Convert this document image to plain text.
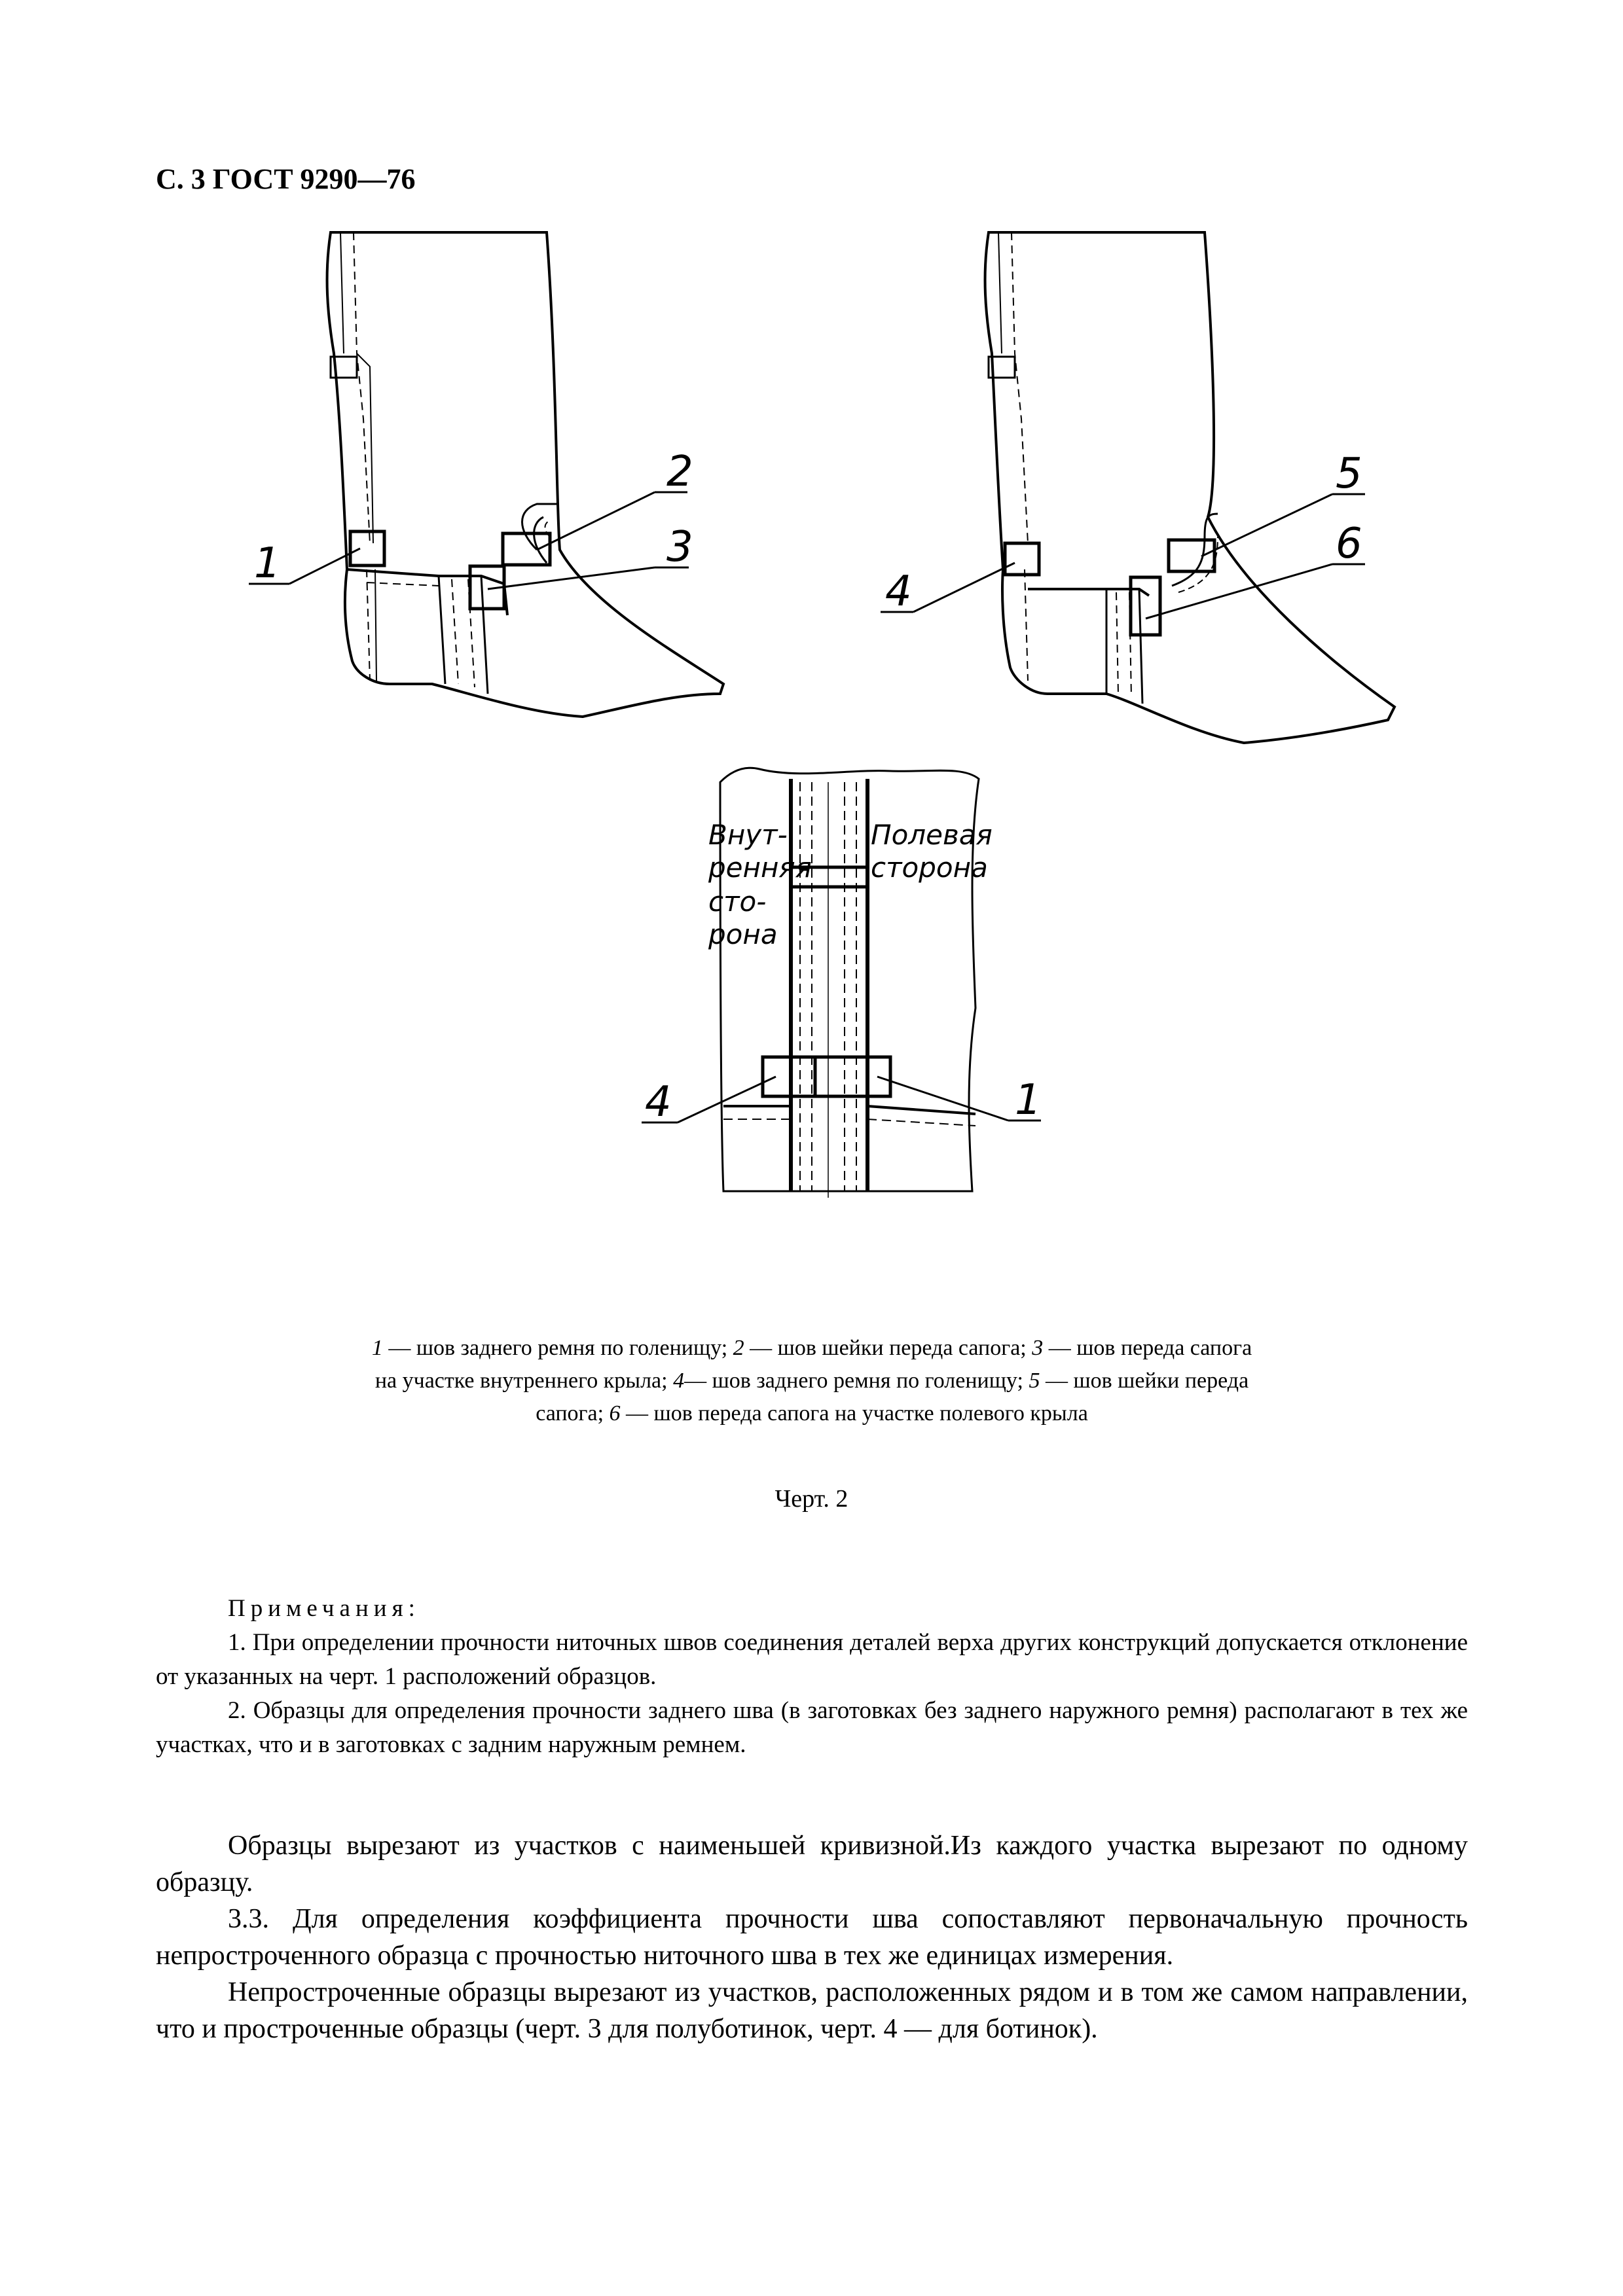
С. 3 ГОСТ 9290—76
1
2
3
4
5
6
4	1
Внут-
ренняя
сто-
рона
Полевая
сторона
1 — шов заднего ремня по голенищу; 2 — шов шейки переда сапога; 3 — шов переда сапога на участке внутреннего крыла; 4— шов заднего ремня по голенищу; 5 — шов шейки переда сапога; 6 — шов переда сапога на участке полевого крыла
Черт. 2

Примечания:

1. При определении прочности ниточных швов соединения деталей верха других конструкций допускается отклонение от указанных на черт. 1 расположений образцов.

2. Образцы для определения прочности заднего шва (в заготовках без заднего наружного ремня) располагают в тех же участках, что и в заготовках с задним наружным ремнем.

Образцы вырезают из участков с наименьшей кривизной.Из каждого участка вырезают по одному образцу.

3.3. Для определения коэффициента прочности шва сопоставляют первоначальную прочность непростроченного образца с прочностью ниточного шва в тех же единицах измерения.

Непростроченные образцы вырезают из участков, расположенных рядом и в том же самом направлении, что и простроченные образцы (черт. 3 для полуботинок, черт. 4 — для ботинок).
